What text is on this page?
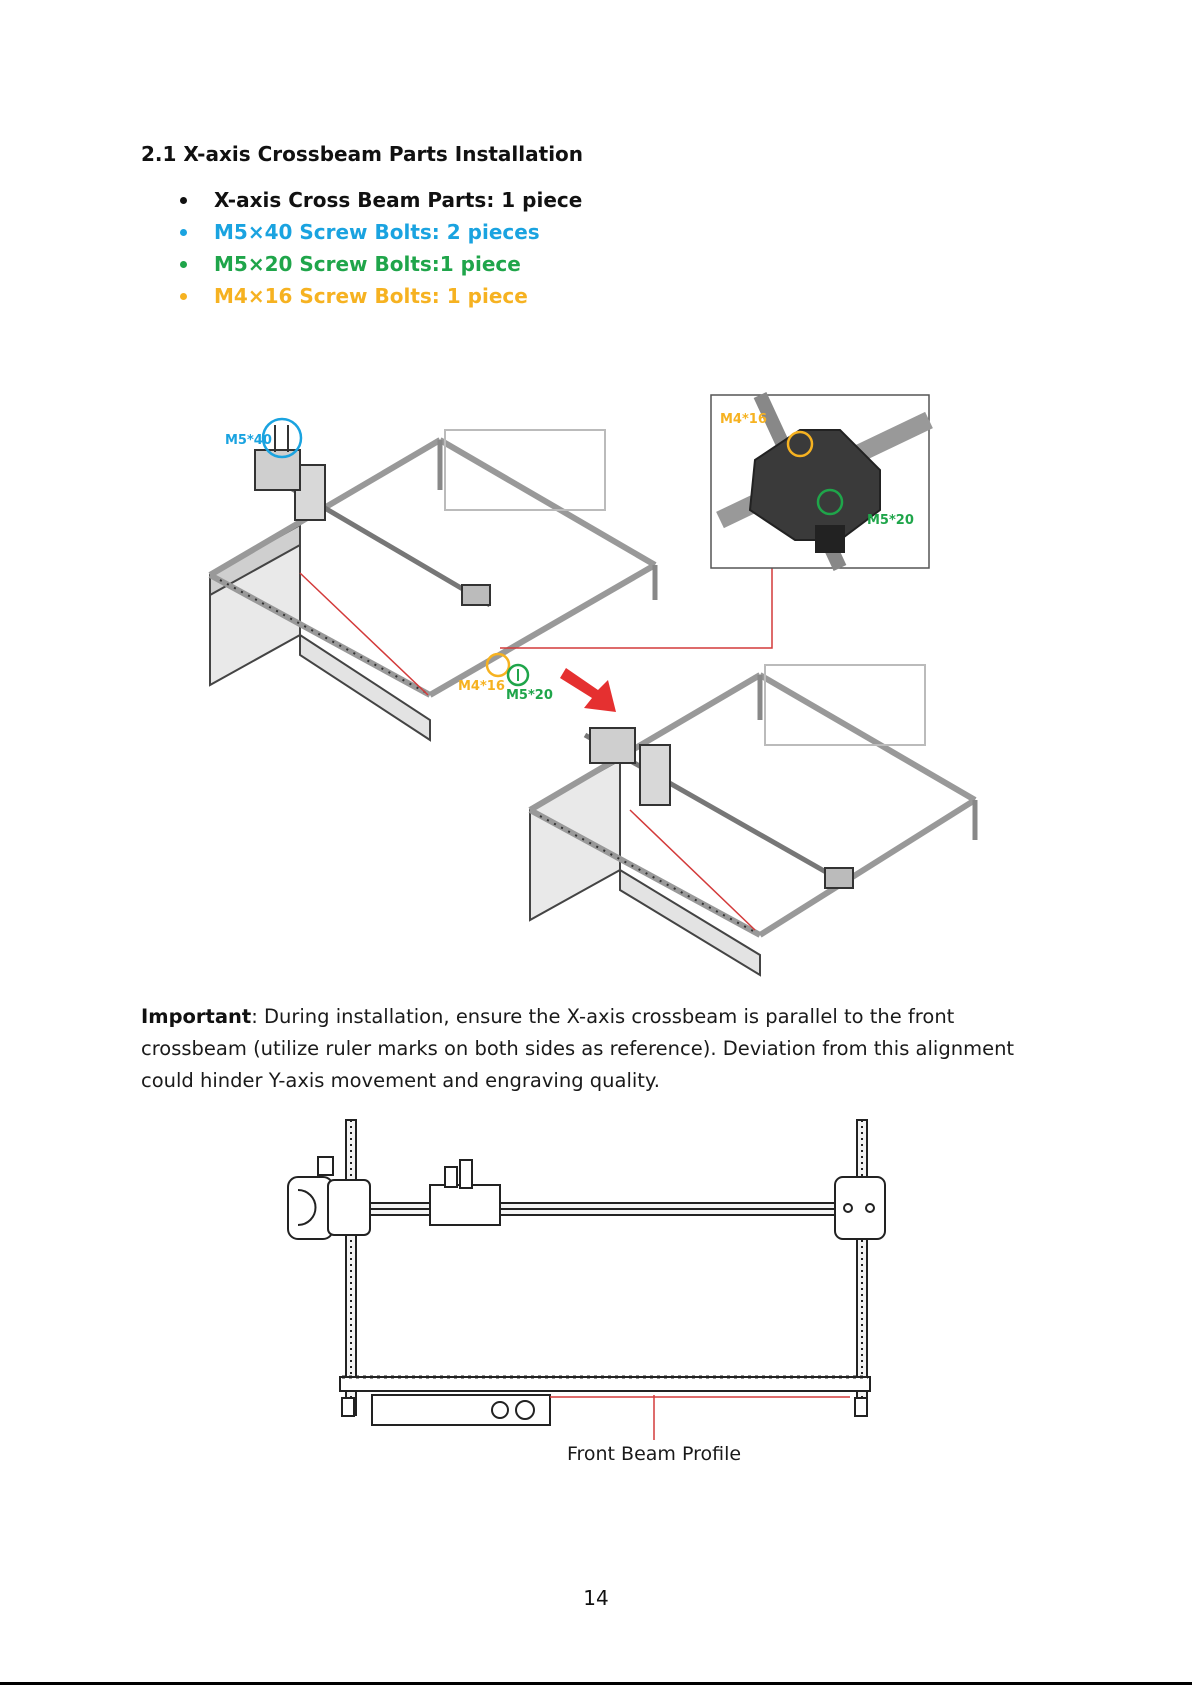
2.1 X-axis Crossbeam Parts Installation
X-axis Cross Beam Parts: 1 piece
M5×40 Screw Bolts: 2 pieces
M5×20 Screw Bolts:1 piece
M4×16 Screw Bolts: 1 piece
M5*40
M4*16
M5*20
M4*16
M5*20
Important: During installation, ensure the X-axis crossbeam is parallel to the front crossbeam (utilize ruler marks on both sides as reference). Deviation from this alignment could hinder Y-axis movement and engraving quality.
Front Beam Profile
14
